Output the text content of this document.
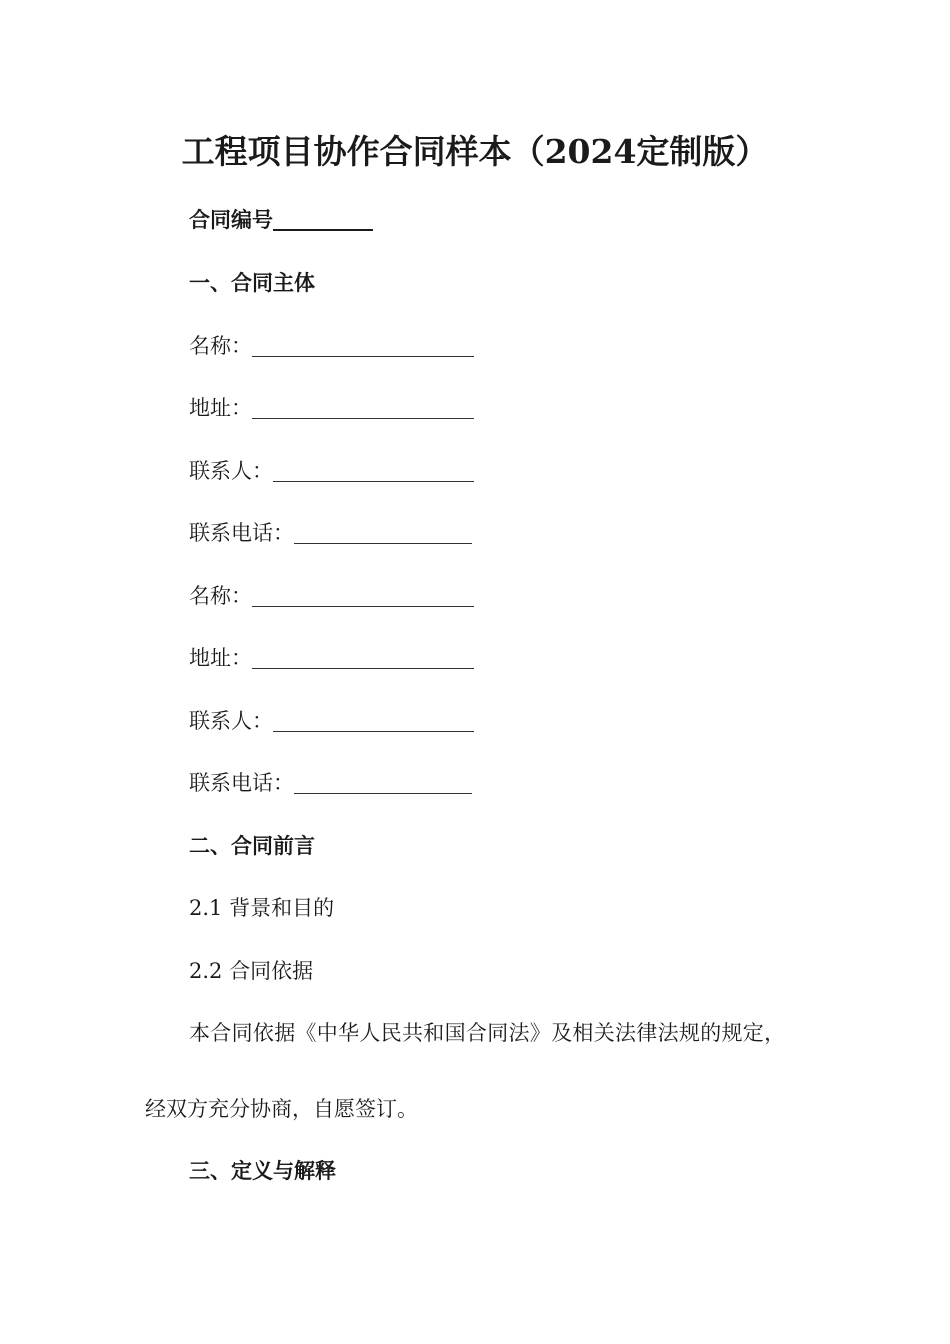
工程项目协作合同样本（2024定制版）
合同编号
一、合同主体
名称：
地址：
联系人：
联系电话：
名称：
地址：
联系人：
联系电话：
二、合同前言
2.1 背景和目的
2.2 合同依据
本合同依据《中华人民共和国合同法》及相关法律法规的规定，
经双方充分协商，自愿签订。
三、定义与解释
